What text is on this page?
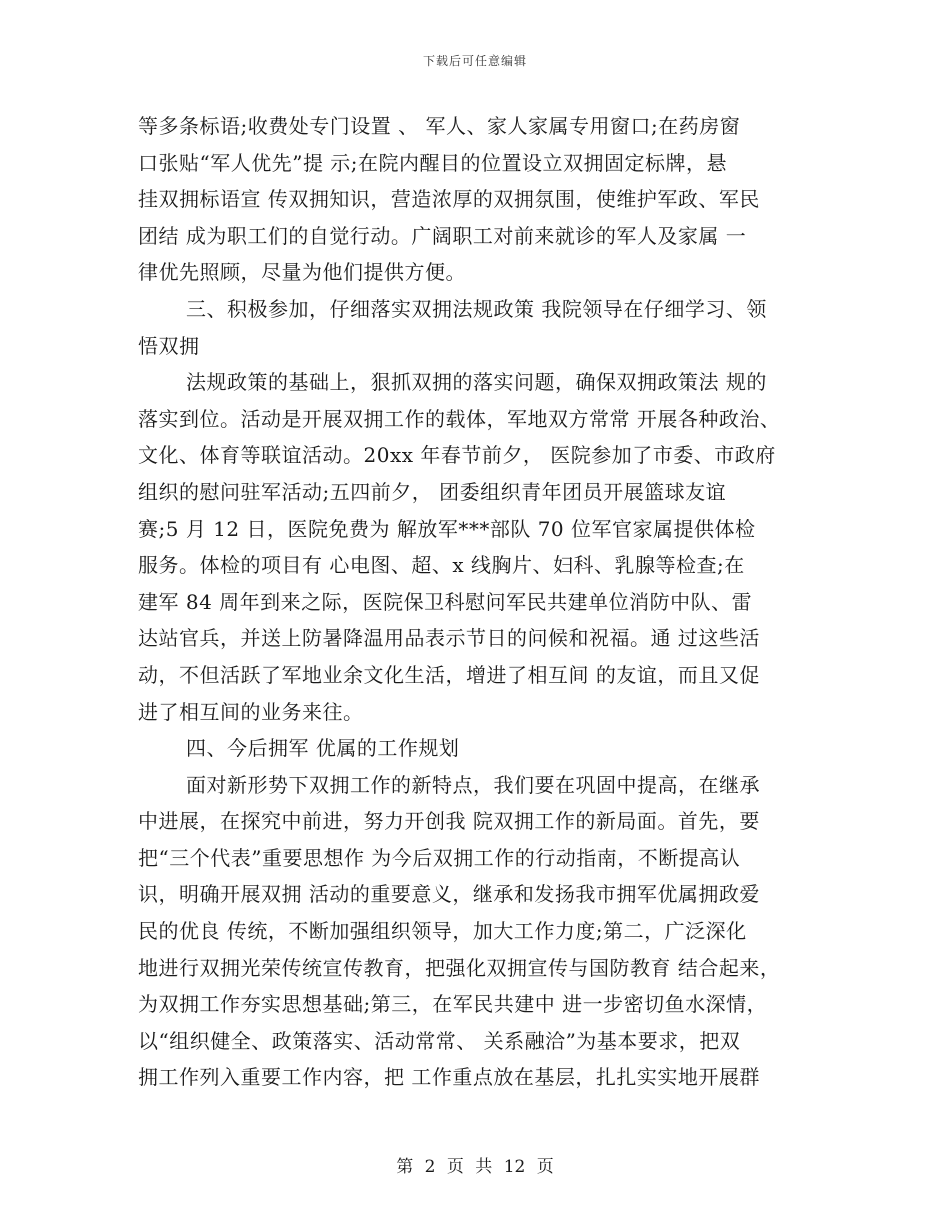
下载后可任意编辑
等多条标语;收费处专门设置 、 军人、家人家属专用窗口;在药房窗
口张贴“军人优先”提 示;在院内醒目的位置设立双拥固定标牌，悬
挂双拥标语宣 传双拥知识，营造浓厚的双拥氛围，使维护军政、军民
团结 成为职工们的自觉行动。广阔职工对前来就诊的军人及家属 一
律优先照顾，尽量为他们提供方便。
三、积极参加，仔细落实双拥法规政策 我院领导在仔细学习、领
悟双拥
法规政策的基础上，狠抓双拥的落实问题，确保双拥政策法 规的
落实到位。活动是开展双拥工作的载体，军地双方常常 开展各种政治、
文化、体育等联谊活动。20xx 年春节前夕， 医院参加了市委、市政府
组织的慰问驻军活动;五四前夕， 团委组织青年团员开展篮球友谊
赛;5 月 12 日，医院免费为 解放军***部队 70 位军官家属提供体检
服务。体检的项目有 心电图、超、x 线胸片、妇科、乳腺等检查;在
建军 84 周年到来之际，医院保卫科慰问军民共建单位消防中队、雷
达站官兵，并送上防暑降温用品表示节日的问候和祝福。通 过这些活
动，不但活跃了军地业余文化生活，增进了相互间 的友谊，而且又促
进了相互间的业务来往。
四、今后拥军 优属的工作规划
面对新形势下双拥工作的新特点，我们要在巩固中提高，在继承
中进展，在探究中前进，努力开创我 院双拥工作的新局面。首先，要
把“三个代表”重要思想作 为今后双拥工作的行动指南，不断提高认
识，明确开展双拥 活动的重要意义，继承和发扬我市拥军优属拥政爱
民的优良 传统，不断加强组织领导，加大工作力度;第二，广泛深化
地进行双拥光荣传统宣传教育，把强化双拥宣传与国防教育 结合起来，
为双拥工作夯实思想基础;第三，在军民共建中 进一步密切鱼水深情，
以“组织健全、政策落实、活动常常、 关系融洽”为基本要求，把双
拥工作列入重要工作内容，把 工作重点放在基层，扎扎实实地开展群
第 2 页 共 12 页
